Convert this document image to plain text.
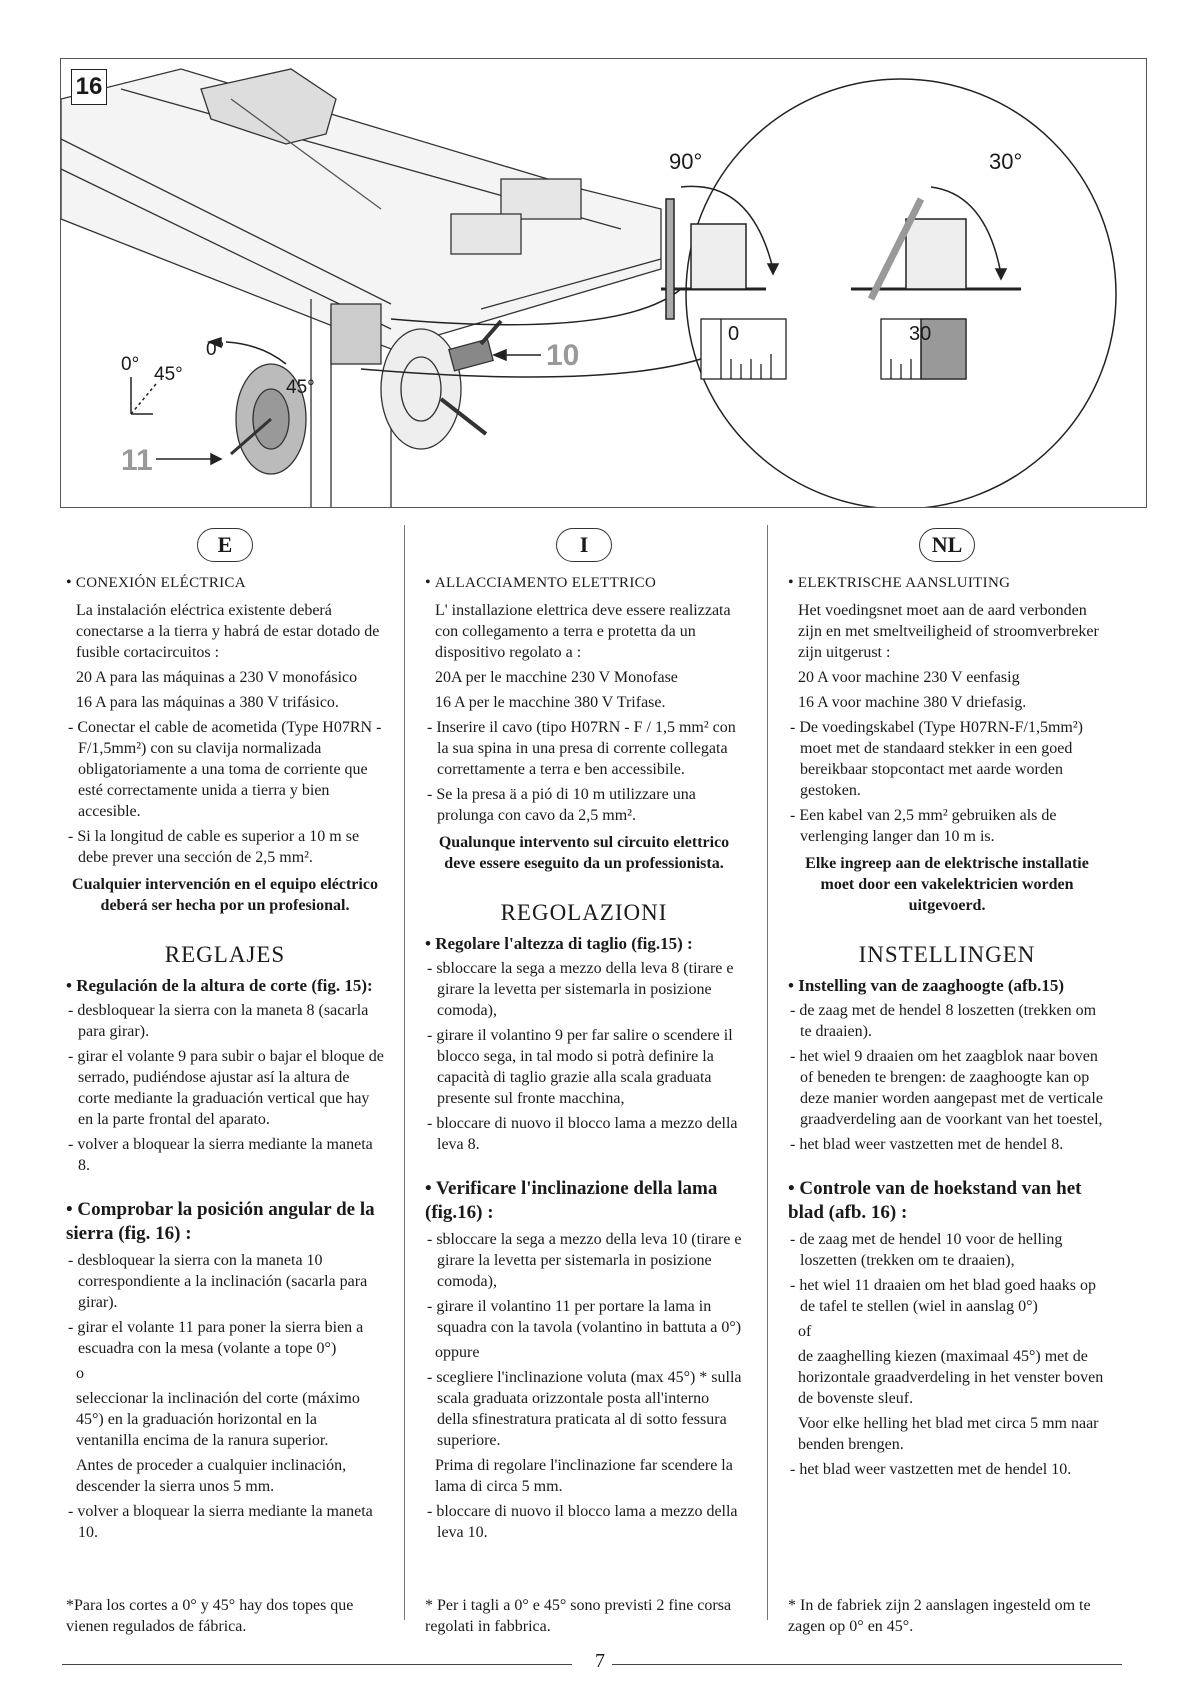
16
0° 45°
0°
45°
10
11
90°	30°
0	30
E
• CONEXIÓN ELÉCTRICA

La instalación eléctrica existente deberá conectarse a la tierra y habrá de estar dotado de fusible cortacircuitos :

20 A para las máquinas a 230 V monofásico

16 A para las máquinas a 380 V trifásico.

- Conectar el cable de acometida (Type H07RN -F/1,5mm²) con su clavija normalizada obligatoriamente a una toma de corriente que esté correctamente unida a tierra y bien accesible.

- Si la longitud de cable es superior a 10 m se debe prever una sección de 2,5 mm².

Cualquier intervención en el equipo eléctrico deberá ser hecha por un profesional.

REGLAJES

• Regulación de la altura de corte (fig. 15):

- desbloquear la sierra con la maneta 8 (sacarla para girar).

- girar el volante 9 para subir o bajar el bloque de serrado, pudiéndose ajustar así la altura de corte mediante la graduación vertical que hay en la parte frontal del aparato.

- volver a bloquear la sierra mediante la maneta 8.

• Comprobar la posición angular de la sierra (fig. 16) :

- desbloquear la sierra con la maneta 10 correspondiente a la inclinación (sacarla para girar).

- girar el volante 11 para poner la sierra bien a escuadra con la mesa (volante a tope 0°)

o

seleccionar la inclinación del corte (máximo 45°) en la graduación horizontal en la ventanilla encima de la ranura superior.

Antes de proceder a cualquier inclinación, descender la sierra unos 5 mm.

- volver a bloquear la sierra mediante la maneta 10.

*Para los cortes a 0° y 45° hay dos topes que vienen regulados de fábrica.
I
• ALLACCIAMENTO ELETTRICO

L' installazione elettrica deve essere realizzata con collegamento a terra e protetta da un dispositivo regolato a :

20A per le macchine 230 V Monofase

16 A per le macchine 380 V Trifase.

- Inserire il cavo (tipo H07RN - F / 1,5 mm² con la sua spina in una presa di corrente collegata correttamente a terra e ben accessibile.

- Se la presa ä a pió di 10 m utilizzare una prolunga con cavo da 2,5 mm².

Qualunque intervento sul circuito elettrico deve essere eseguito da un professionista.

REGOLAZIONI

• Regolare l'altezza di taglio (fig.15) :

- sbloccare la sega a mezzo della leva 8 (tirare e girare la levetta per sistemarla in posizione comoda),

- girare il volantino 9 per far salire o scendere il blocco sega, in tal modo si potrà definire la capacità di taglio grazie alla scala graduata presente sul fronte macchina,

- bloccare di nuovo il blocco lama a mezzo della leva 8.

• Verificare l'inclinazione della lama (fig.16) :

- sbloccare la sega a mezzo della leva 10 (tirare e girare la levetta per sistemarla in posizione comoda),

- girare il volantino 11 per portare la lama in squadra con la tavola (volantino in battuta a 0°)

oppure

- scegliere l'inclinazione voluta (max 45°) * sulla scala graduata orizzontale posta all'interno della sfinestratura praticata al di sotto fessura superiore.

Prima di regolare l'inclinazione far scendere la lama di circa 5 mm.

- bloccare di nuovo il blocco lama a mezzo della leva 10.

* Per i tagli a 0° e 45° sono previsti 2 fine corsa regolati in fabbrica.
NL
• ELEKTRISCHE AANSLUITING

Het voedingsnet moet aan de aard verbonden zijn en met smeltveiligheid of stroomverbreker zijn uitgerust :

20 A voor machine 230 V eenfasig

16 A voor machine 380 V driefasig.

- De voedingskabel (Type H07RN-F/1,5mm²) moet met de standaard stekker in een goed bereikbaar stopcontact met aarde worden gestoken.

- Een kabel van 2,5 mm² gebruiken als de verlenging langer dan 10 m is.

Elke ingreep aan de elektrische installatie moet door een vakelektricien worden uitgevoerd.

INSTELLINGEN

• Instelling van de zaaghoogte (afb.15)

- de zaag met de hendel 8 loszetten (trekken om te draaien).

- het wiel 9 draaien om het zaagblok naar boven of beneden te brengen: de zaaghoogte kan op deze manier worden aangepast met de verticale graadverdeling aan de voorkant van het toestel,

- het blad weer vastzetten met de hendel 8.

• Controle van de hoekstand van het blad (afb. 16) :

- de zaag met de hendel 10 voor de helling loszetten (trekken om te draaien),

- het wiel 11 draaien om het blad goed haaks op de tafel te stellen (wiel in aanslag 0°)

of

de zaaghelling kiezen (maximaal 45°) met de horizontale graadverdeling in het venster boven de bovenste sleuf.

Voor elke helling het blad met circa 5 mm naar benden brengen.

- het blad weer vastzetten met de hendel 10.

* In de fabriek zijn 2 aanslagen ingesteld om te zagen op 0° en 45°.
7
